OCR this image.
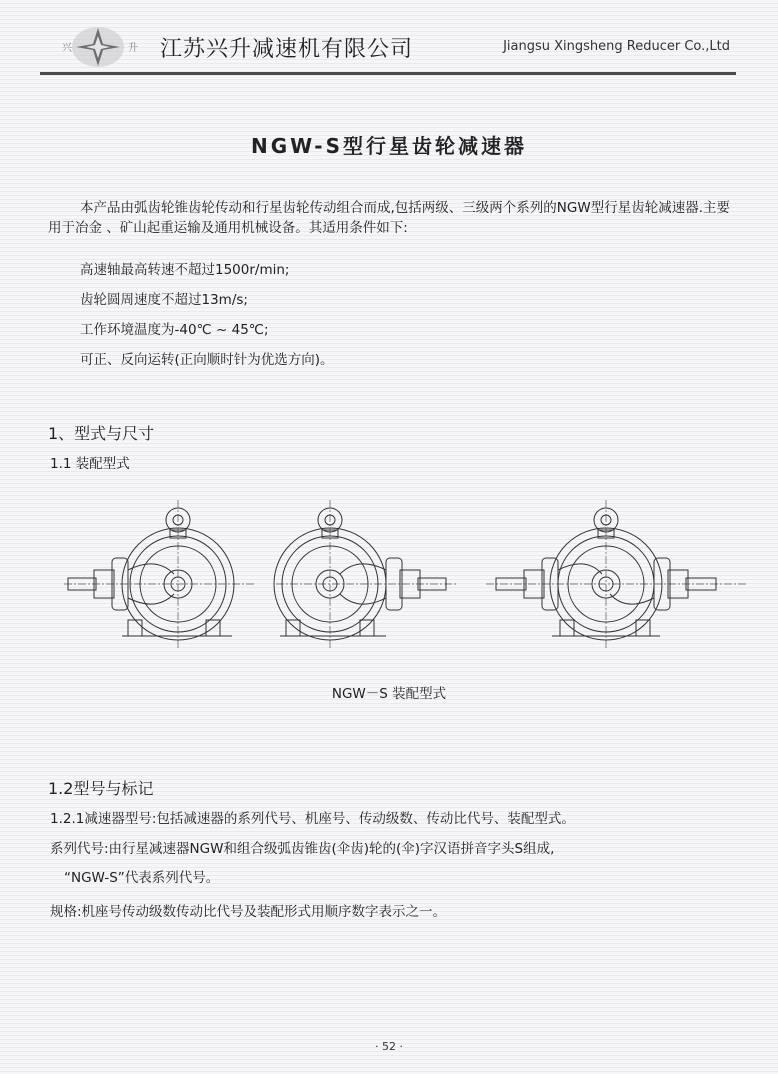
兴	升 江苏兴升减速机有限公司	Jiangsu Xingsheng Reducer Co.,Ltd
NGW-S型行星齿轮减速器
本产品由弧齿轮锥齿轮传动和行星齿轮传动组合而成,包括两级、三级两个系列的NGW型行星齿轮减速器.主要用于冶金 、矿山起重运输及通用机械设备。其适用条件如下:
高速轴最高转速不超过1500r/min;
齿轮圆周速度不超过13m/s;
工作环境温度为-40℃ ~ 45℃;
可正、反向运转(正向顺时针为优选方向)。
1、型式与尺寸
1.1 装配型式
NGW－S 装配型式
1.2型号与标记
1.2.1减速器型号:包括减速器的系列代号、机座号、传动级数、传动比代号、装配型式。
系列代号:由行星减速器NGW和组合级弧齿锥齿(伞齿)轮的(伞)字汉语拼音字头S组成,
“NGW-S”代表系列代号。
规格:机座号传动级数传动比代号及装配形式用顺序数字表示之一。
· 52 ·
